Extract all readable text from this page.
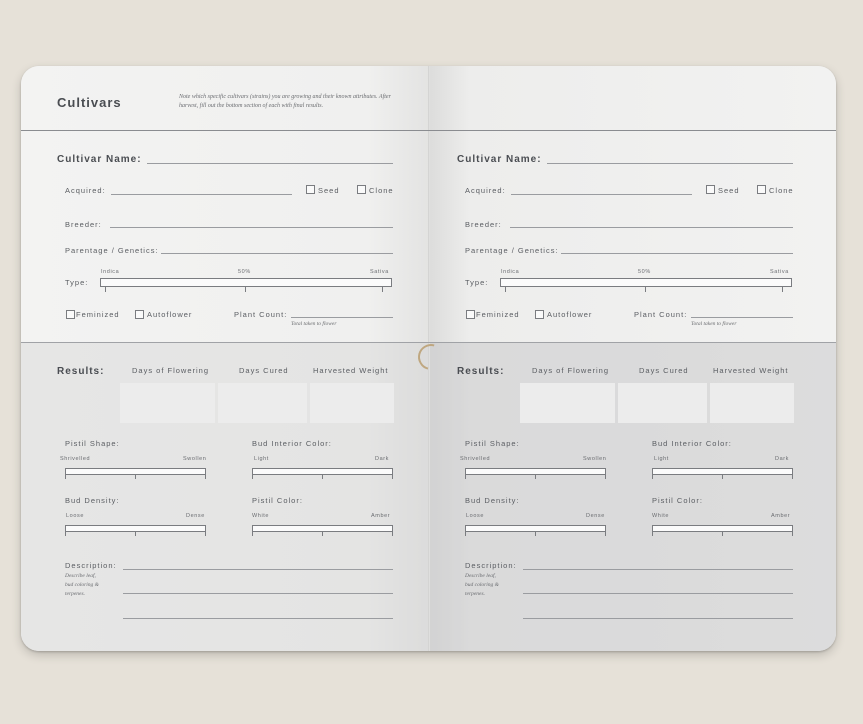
Cultivars	Note which specific cultivars (strains) you are growing and their known attributes. After harvest, fill out the bottom section of each with final results.
Cultivar Name:
Acquired:	Seed	Clone
Breeder:
Parentage / Genetics:
Indica	50%	Sativa
Type:
Feminized	Autoflower	Plant Count:
Total taken to flower
Results:	Days of Flowering	Days Cured	Harvested Weight
Pistil Shape:
Shrivelled	Swollen
Bud Interior Color:
Light	Dark
Bud Density:
Loose	Dense
Pistil Color:
White	Amber
Description:
Describe leaf,
bud coloring &
terpenes.
Cultivar Name:
Acquired:	Seed	Clone
Breeder:
Parentage / Genetics:
Indica	50%	Sativa
Type:
Feminized	Autoflower	Plant Count:
Total taken to flower
Results:	Days of Flowering	Days Cured	Harvested Weight
Pistil Shape:
Shrivelled	Swollen
Bud Interior Color:
Light	Dark
Bud Density:
Loose	Dense
Pistil Color:
White	Amber
Description:
Describe leaf,
bud coloring &
terpenes.
